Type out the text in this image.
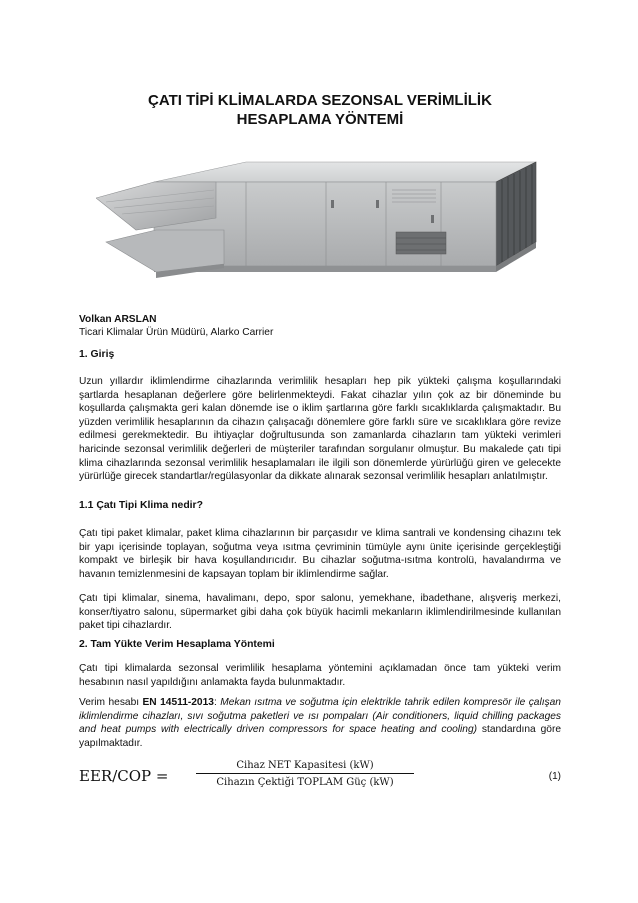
ÇATI TİPİ KLİMALARDA SEZONSAL VERİMLİLİK
HESAPLAMA YÖNTEMİ
Volkan ARSLAN
Ticari Klimalar Ürün Müdürü, Alarko Carrier
1. Giriş
Uzun yıllardır iklimlendirme cihazlarında verimlilik hesapları hep pik yükteki çalışma koşullarındaki şartlarda hesaplanan değerlere göre belirlenmekteydi. Fakat cihazlar yılın çok az bir döneminde bu koşullarda çalışmakta geri kalan dönemde ise o iklim şartlarına göre farklı sıcaklıklarda çalışmaktadır. Bu yüzden verimlilik hesaplarının da cihazın çalışacağı dönemlere göre farklı süre ve sıcaklıklara göre revize edilmesi gerekmektedir. Bu ihtiyaçlar doğrultusunda son zamanlarda cihazların tam yükteki verimleri haricinde sezonsal verimlilik değerleri de müşteriler tarafından sorgulanır olmuştur. Bu makalede çatı tipi klima cihazlarında sezonsal verimlilik hesaplamaları ile ilgili son dönemlerde yürürlüğü giren ve gelecekte yürürlüğe girecek standartlar/regülasyonlar da dikkate alınarak sezonsal verimlilik hesapları anlatılmıştır.
1.1 Çatı Tipi Klima nedir?
Çatı tipi paket klimalar, paket klima cihazlarının bir parçasıdır ve klima santrali ve kondensing cihazını tek bir yapı içerisinde toplayan, soğutma veya ısıtma çevriminin tümüyle aynı ünite içerisinde gerçekleştiği kompakt ve birleşik bir hava koşullandırıcıdır. Bu cihazlar soğutma-ısıtma kontrolü, havalandırma ve havanın temizlenmesini de kapsayan toplam bir iklimlendirme sağlar.
Çatı tipi klimalar, sinema, havalimanı, depo, spor salonu, yemekhane, ibadethane, alışveriş merkezi, konser/tiyatro salonu, süpermarket gibi daha çok büyük hacimli mekanların iklimlendirilmesinde kullanılan paket tipi cihazlardır.
2. Tam Yükte Verim Hesaplama Yöntemi
Çatı tipi klimalarda sezonsal verimlilik hesaplama yöntemini açıklamadan önce tam yükteki verim hesabının nasıl yapıldığını anlamakta fayda bulunmaktadır.
Verim hesabı EN 14511-2013: Mekan ısıtma ve soğutma için elektrikle tahrik edilen kompresör ile çalışan iklimlendirme cihazları, sıvı soğutma paketleri ve ısı pompaları (Air conditioners, liquid chilling packages and heat pumps with electrically driven compressors for space heating and cooling) standardına göre yapılmaktadır.
EER/COP =
Cihaz NET Kapasitesi (kW)
Cihazın Çektiği TOPLAM Güç (kW)
(1)
